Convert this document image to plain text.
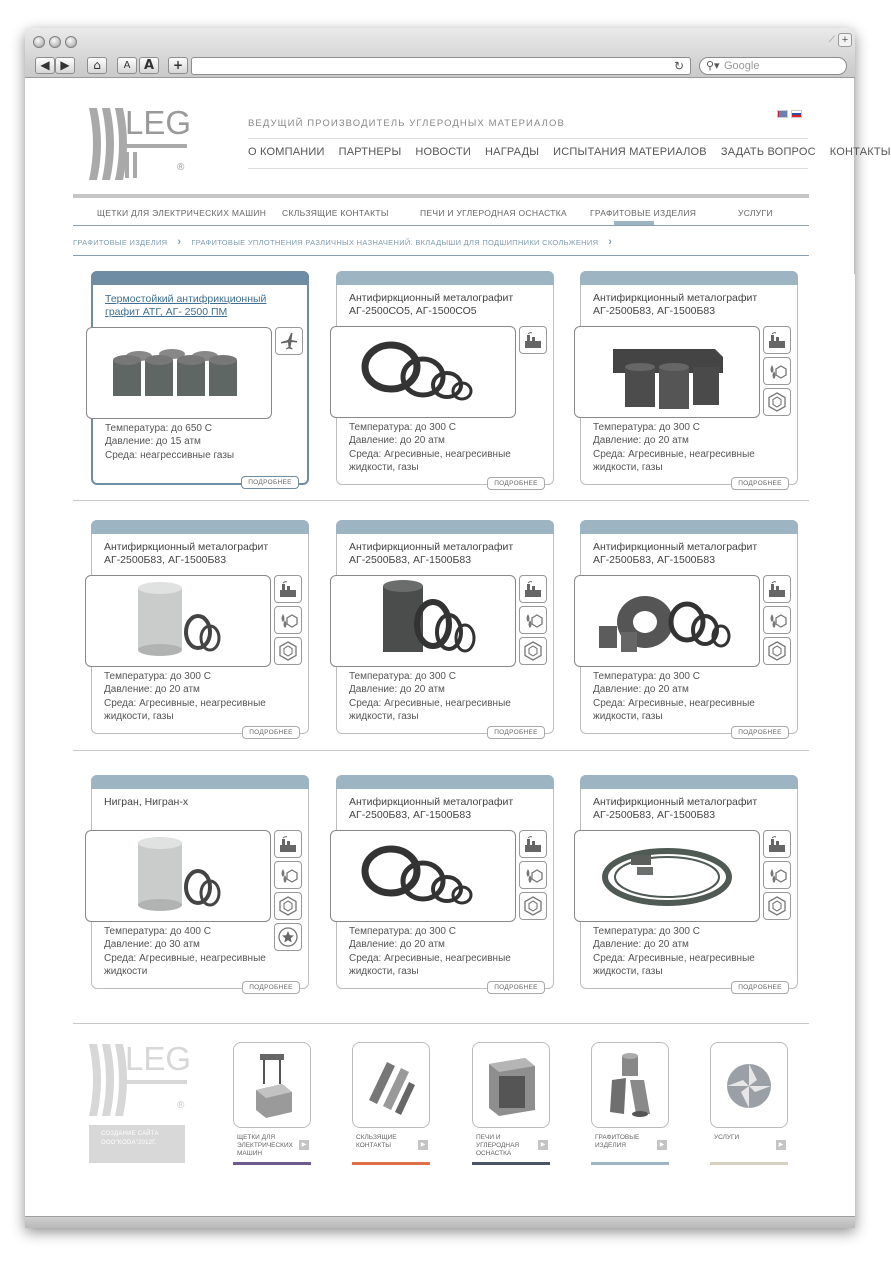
⟋ +
◀ ▶	⌂	A	A	+	↻ ⚲▾ Google
LEG
®
ВЕДУЩИЙ ПРОИЗВОДИТЕЛЬ УГЛЕРОДНЫХ МАТЕРИАЛОВ
О КОМПАНИИ ПАРТНЕРЫ НОВОСТИ НАГРАДЫ ИСПЫТАНИЯ МАТЕРИАЛОВ ЗАДАТЬ ВОПРОС КОНТАКТЫ
ЩЕТКИ ДЛЯ ЭЛЕКТРИЧЕСКИХ МАШИН СКЛЬЗЯЩИЕ КОНТАКТЫ	ПЕЧИ И УГЛЕРОДНАЯ ОСНАСТКА	ГРАФИТОВЫЕ ИЗДЕЛИЯ	УСЛУГИ
ГРАФИТОВЫЕ ИЗДЕЛИЯ › ГРАФИТОВЫЕ УПЛОТНЕНИЯ РАЗЛИЧНЫХ НАЗНАЧЕНИЙ. ВКЛАДЫШИ ДЛЯ ПОДШИПНИКИ СКОЛЬЖЕНИЯ ›
Термостойкий антифрикционный графит АТГ, АГ- 2500 ПМ
Температура: до 650 С
Давление: до 15 атм
Среда: неагрессивные газы
ПОДРОБНЕЕ
Антифиркционный металографит АГ-2500СО5, АГ-1500СО5
Температура: до 300 С
Давление: до 20 атм
Среда: Агресивные, неагресивные жидкости, газы
ПОДРОБНЕЕ
Антифиркционный металографит АГ-2500Б83, АГ-1500Б83
Температура: до 300 С
Давление: до 20 атм
Среда: Агресивные, неагресивные жидкости, газы
ПОДРОБНЕЕ
Антифиркционный металографит АГ-2500Б83, АГ-1500Б83
Температура: до 300 С
Давление: до 20 атм
Среда: Агресивные, неагресивные жидкости, газы
ПОДРОБНЕЕ
Антифиркционный металографит АГ-2500Б83, АГ-1500Б83
Температура: до 300 С
Давление: до 20 атм
Среда: Агресивные, неагресивные жидкости, газы
ПОДРОБНЕЕ
Антифиркционный металографит АГ-2500Б83, АГ-1500Б83
Температура: до 300 С
Давление: до 20 атм
Среда: Агресивные, неагресивные жидкости, газы
ПОДРОБНЕЕ
Нигран, Нигран-х
Температура: до 400 С
Давление: до 30 атм
Среда: Агресивные, неагресивные жидкости
ПОДРОБНЕЕ
Антифиркционный металографит АГ-2500Б83, АГ-1500Б83
Температура: до 300 С
Давление: до 20 атм
Среда: Агресивные, неагресивные жидкости, газы
ПОДРОБНЕЕ
Антифиркционный металографит АГ-2500Б83, АГ-1500Б83
Температура: до 300 С
Давление: до 20 атм
Среда: Агресивные, неагресивные жидкости, газы
ПОДРОБНЕЕ
LEG
®
СОЗДАНИЕ САЙТА ООО"KODA"2012Г.
ЩЕТКИ ДЛЯ ЭЛЕКТРИЧЕСКИХ МАШИН
▶
СКЛЬЗЯЩИЕ КОНТАКТЫ	▶
ПЕЧИ И УГЛЕРОДНАЯ ОСНАСТКА
▶
ГРАФИТОВЫЕ ИЗДЕЛИЯ	▶
УСЛУГИ
▶
